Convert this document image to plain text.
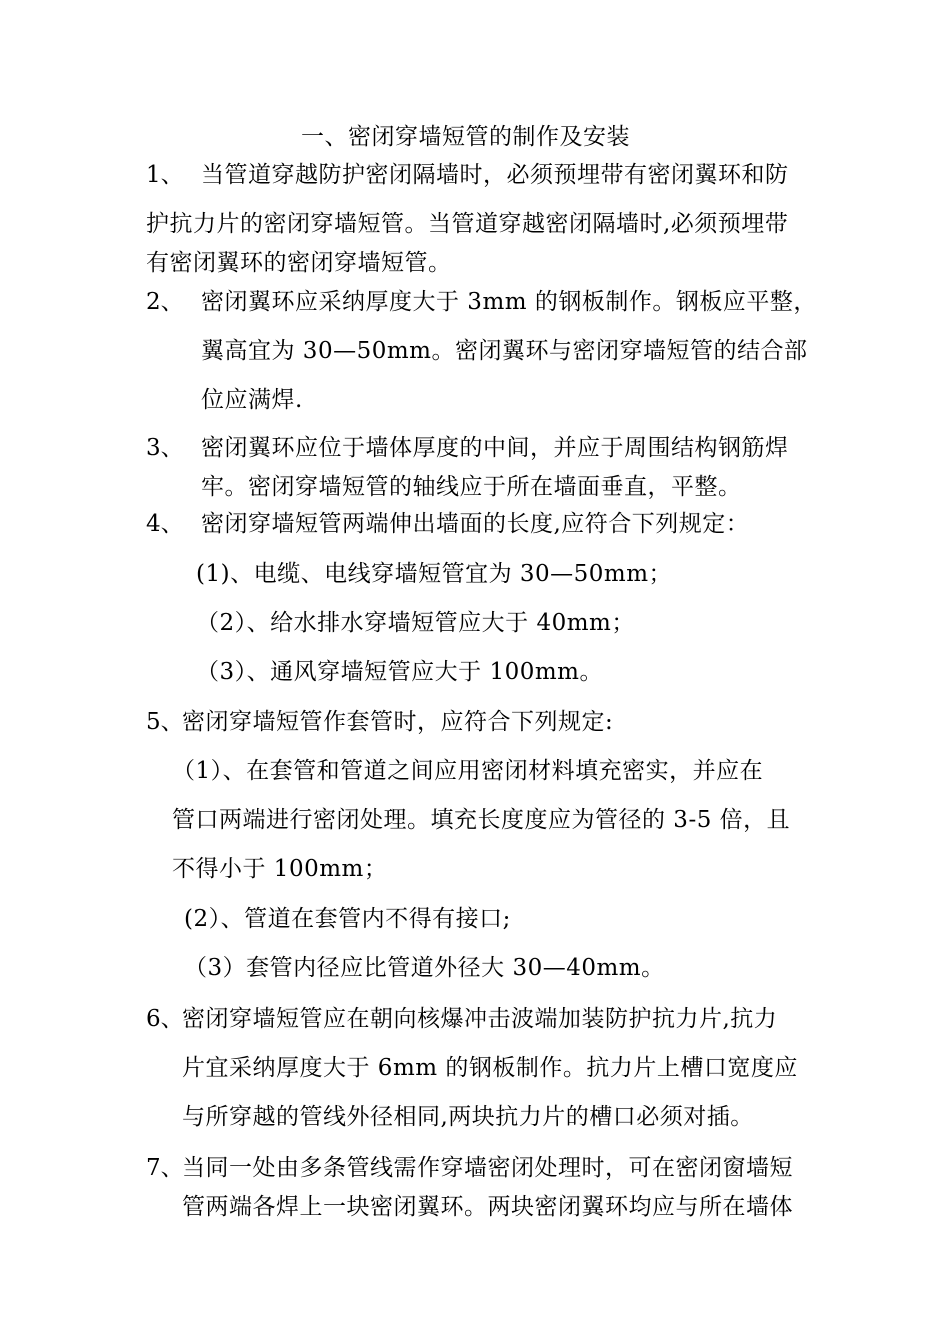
一、密闭穿墙短管的制作及安装
1、 当管道穿越防护密闭隔墙时，必须预埋带有密闭翼环和防
护抗力片的密闭穿墙短管。当管道穿越密闭隔墙时,必须预埋带
有密闭翼环的密闭穿墙短管。
2、 密闭翼环应采纳厚度大于 3mm 的钢板制作。钢板应平整，
翼高宜为 30—50mm。密闭翼环与密闭穿墙短管的结合部
位应满焊.
3、 密闭翼环应位于墙体厚度的中间，并应于周围结构钢筋焊
牢。密闭穿墙短管的轴线应于所在墙面垂直，平整。
4、 密闭穿墙短管两端伸出墙面的长度,应符合下列规定：
(1)、电缆、电线穿墙短管宜为 30—50mm；
（2）、给水排水穿墙短管应大于 40mm；
（3）、通风穿墙短管应大于 100mm。
5、
密闭穿墙短管作套管时，应符合下列规定:
（1）、在套管和管道之间应用密闭材料填充密实，并应在
管口两端进行密闭处理。填充长度度应为管径的 3-5 倍，且
不得小于 100mm；
(2）、管道在套管内不得有接口;
（3）套管内径应比管道外径大 30—40mm。
6、
密闭穿墙短管应在朝向核爆冲击波端加装防护抗力片,抗力
片宜采纳厚度大于 6mm 的钢板制作。抗力片上槽口宽度应
与所穿越的管线外径相同,两块抗力片的槽口必须对插。
7、
当同一处由多条管线需作穿墙密闭处理时，可在密闭窗墙短
管两端各焊上一块密闭翼环。两块密闭翼环均应与所在墙体
